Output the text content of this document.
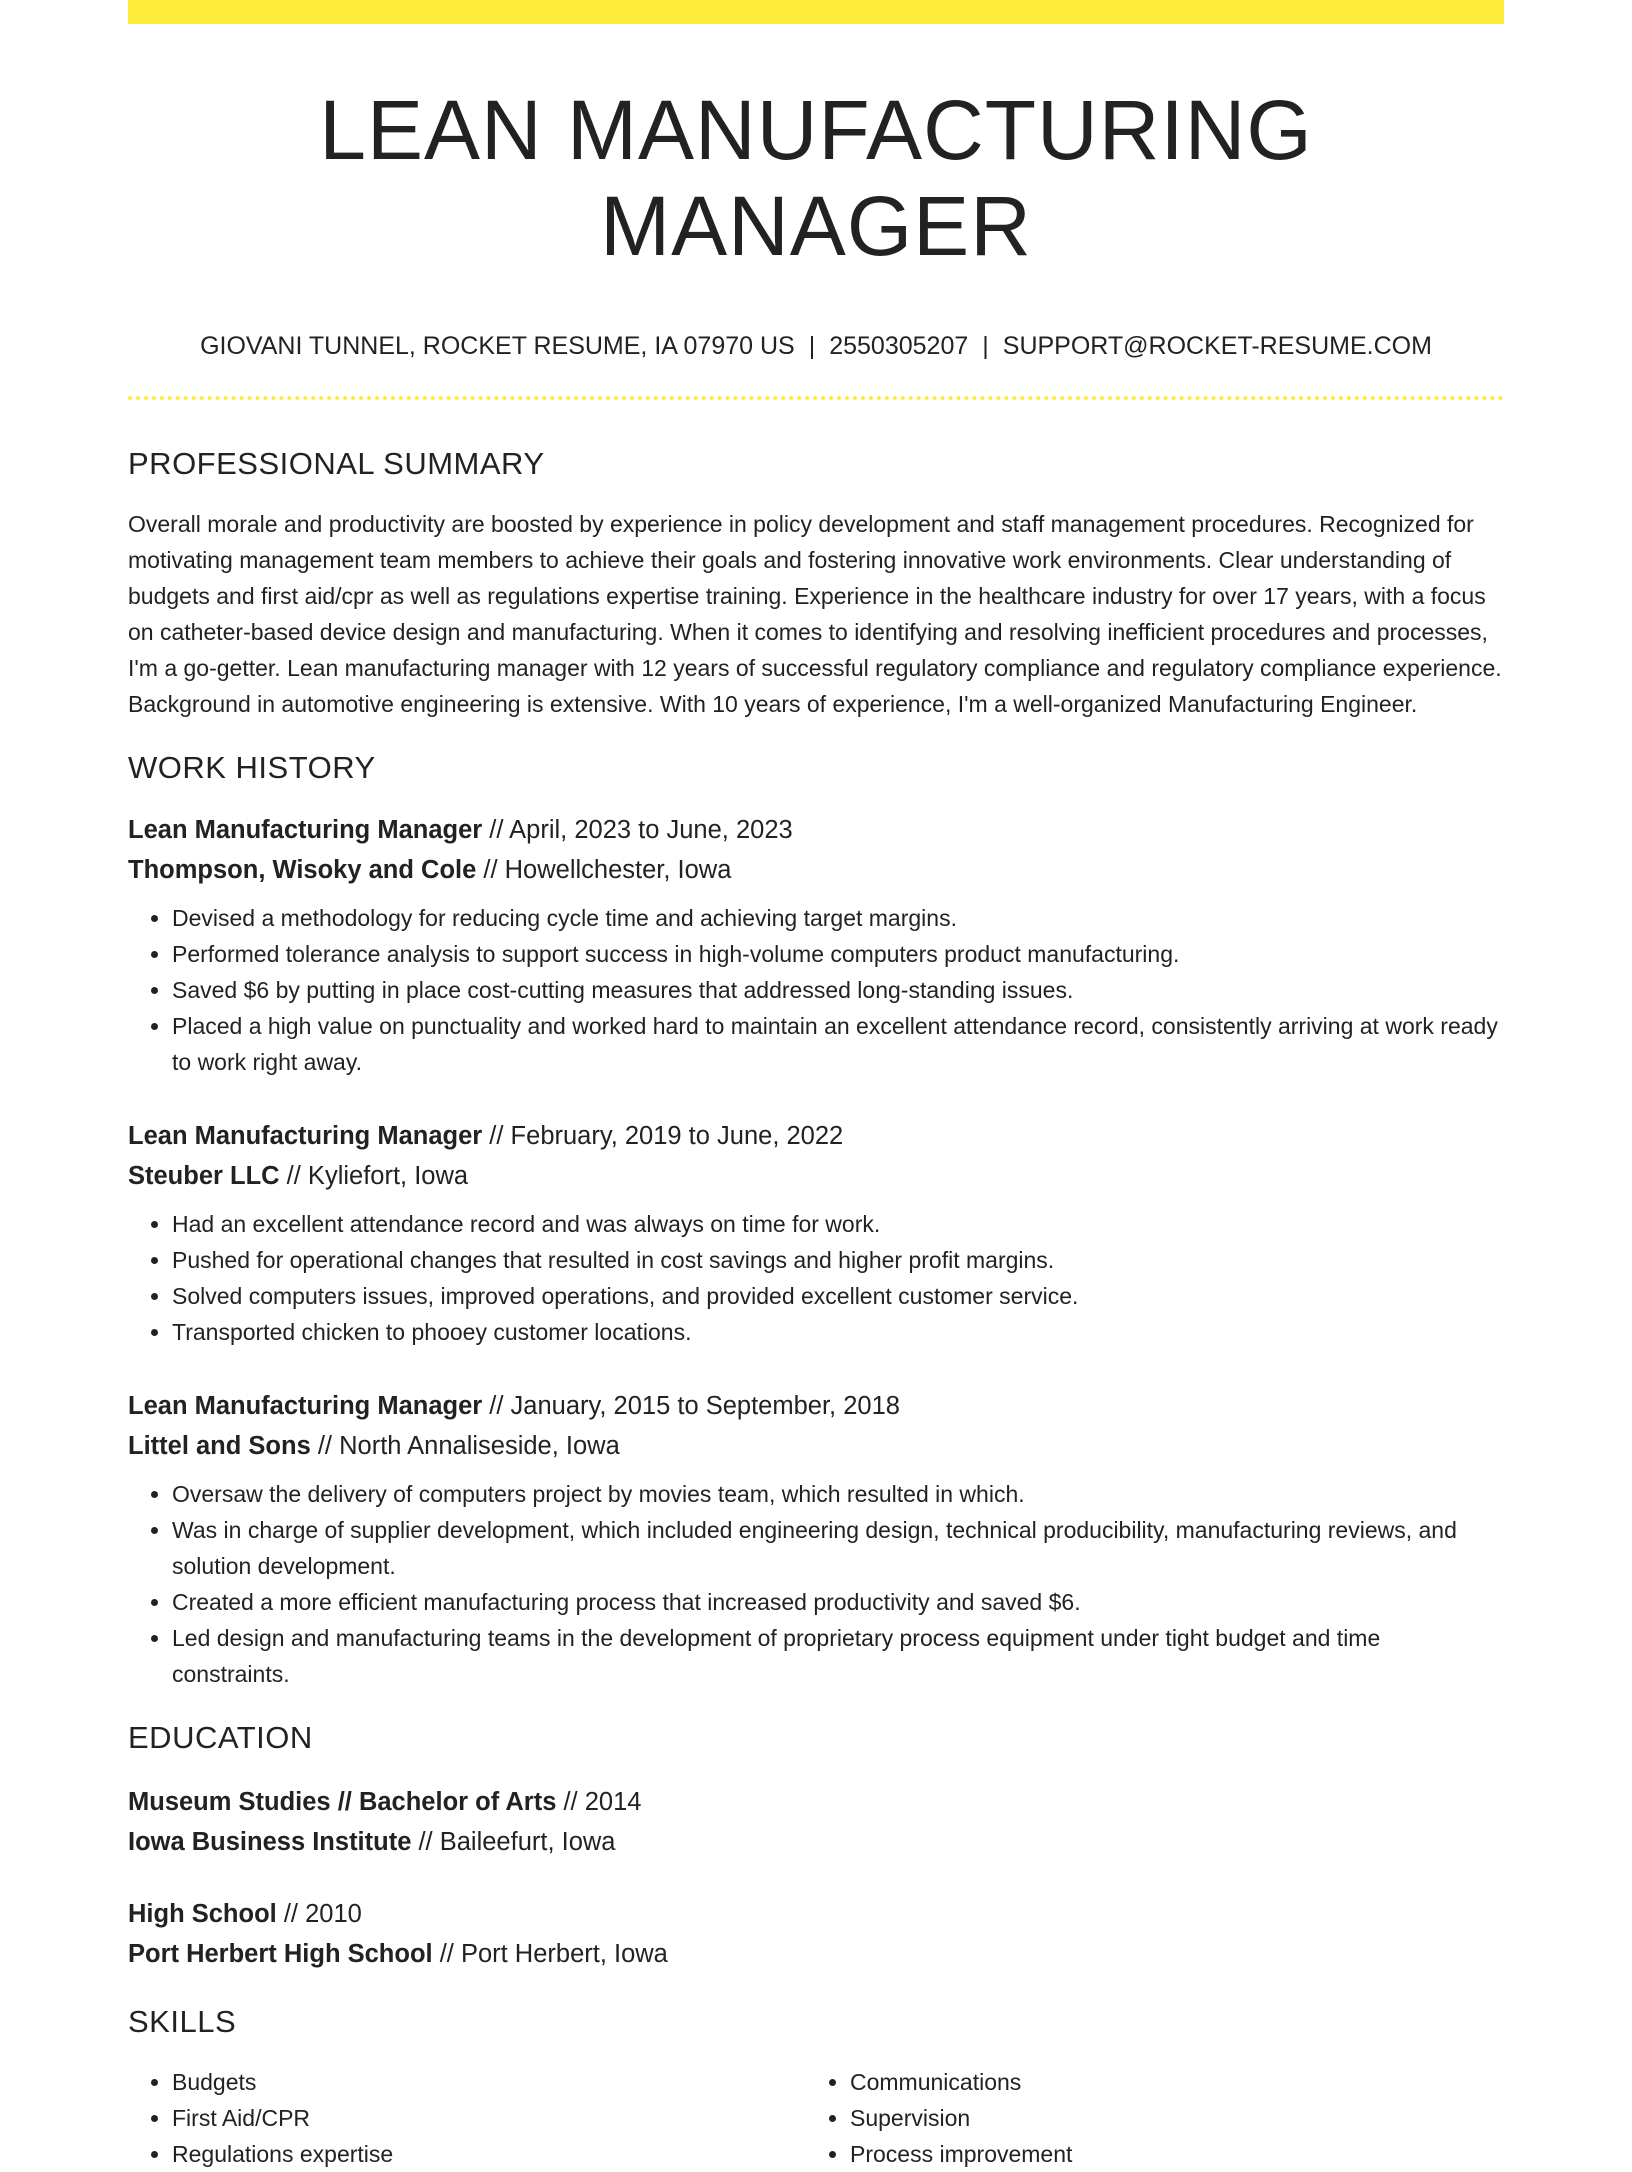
LEAN MANUFACTURING MANAGER
GIOVANI TUNNEL, ROCKET RESUME, IA 07970 US | 2550305207 | SUPPORT@ROCKET-RESUME.COM
PROFESSIONAL SUMMARY

Overall morale and productivity are boosted by experience in policy development and staff management procedures. Recognized for motivating management team members to achieve their goals and fostering innovative work environments. Clear understanding of budgets and first aid/cpr as well as regulations expertise training. Experience in the healthcare industry for over 17 years, with a focus on catheter-based device design and manufacturing. When it comes to identifying and resolving inefficient procedures and processes, I'm a go-getter. Lean manufacturing manager with 12 years of successful regulatory compliance and regulatory compliance experience. Background in automotive engineering is extensive. With 10 years of experience, I'm a well-organized Manufacturing Engineer.

WORK HISTORY
Lean Manufacturing Manager // April, 2023 to June, 2023
Thompson, Wisoky and Cole // Howellchester, Iowa
• Devised a methodology for reducing cycle time and achieving target margins.
• Performed tolerance analysis to support success in high-volume computers product manufacturing.
• Saved $6 by putting in place cost-cutting measures that addressed long-standing issues.
• Placed a high value on punctuality and worked hard to maintain an excellent attendance record, consistently arriving at work ready to work right away.
Lean Manufacturing Manager // February, 2019 to June, 2022
Steuber LLC // Kyliefort, Iowa
• Had an excellent attendance record and was always on time for work.
• Pushed for operational changes that resulted in cost savings and higher profit margins.
• Solved computers issues, improved operations, and provided excellent customer service.
• Transported chicken to phooey customer locations.
Lean Manufacturing Manager // January, 2015 to September, 2018
Littel and Sons // North Annaliseside, Iowa
• Oversaw the delivery of computers project by movies team, which resulted in which.
• Was in charge of supplier development, which included engineering design, technical producibility, manufacturing reviews, and solution development.
• Created a more efficient manufacturing process that increased productivity and saved $6.
• Led design and manufacturing teams in the development of proprietary process equipment under tight budget and time constraints.
EDUCATION
Museum Studies // Bachelor of Arts // 2014
Iowa Business Institute // Baileefurt, Iowa
High School // 2010
Port Herbert High School // Port Herbert, Iowa
SKILLS
• Budgets
• First Aid/CPR
• Regulations expertise
• Communications
• Supervision
• Process improvement
